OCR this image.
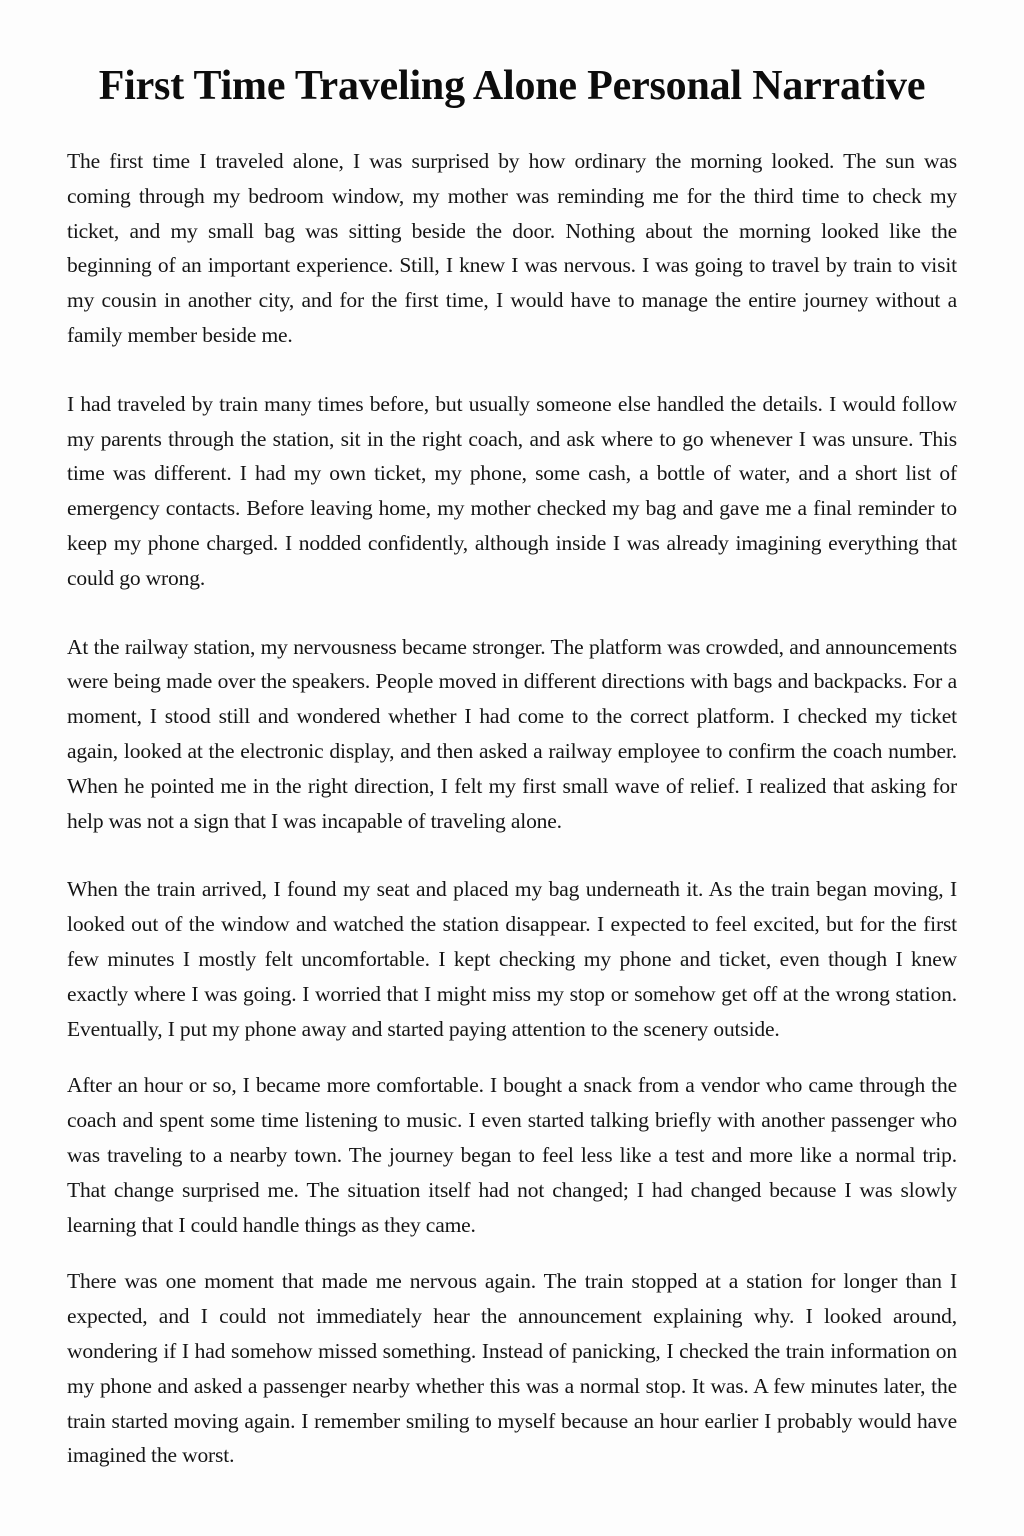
First Time Traveling Alone Personal Narrative

The first time I traveled alone, I was surprised by how ordinary the morning looked. The sun was coming through my bedroom window, my mother was reminding me for the third time to check my ticket, and my small bag was sitting beside the door. Nothing about the morning looked like the beginning of an important experience. Still, I knew I was nervous. I was going to travel by train to visit my cousin in another city, and for the first time, I would have to manage the entire journey without a family member beside me.

I had traveled by train many times before, but usually someone else handled the details. I would follow my parents through the station, sit in the right coach, and ask where to go whenever I was unsure. This time was different. I had my own ticket, my phone, some cash, a bottle of water, and a short list of emergency contacts. Before leaving home, my mother checked my bag and gave me a final reminder to keep my phone charged. I nodded confidently, although inside I was already imagining everything that could go wrong.

At the railway station, my nervousness became stronger. The platform was crowded, and announcements were being made over the speakers. People moved in different directions with bags and backpacks. For a moment, I stood still and wondered whether I had come to the correct platform. I checked my ticket again, looked at the electronic display, and then asked a railway employee to confirm the coach number. When he pointed me in the right direction, I felt my first small wave of relief. I realized that asking for help was not a sign that I was incapable of traveling alone.

When the train arrived, I found my seat and placed my bag underneath it. As the train began moving, I looked out of the window and watched the station disappear. I expected to feel excited, but for the first few minutes I mostly felt uncomfortable. I kept checking my phone and ticket, even though I knew exactly where I was going. I worried that I might miss my stop or somehow get off at the wrong station. Eventually, I put my phone away and started paying attention to the scenery outside.

After an hour or so, I became more comfortable. I bought a snack from a vendor who came through the coach and spent some time listening to music. I even started talking briefly with another passenger who was traveling to a nearby town. The journey began to feel less like a test and more like a normal trip. That change surprised me. The situation itself had not changed; I had changed because I was slowly learning that I could handle things as they came.

There was one moment that made me nervous again. The train stopped at a station for longer than I expected, and I could not immediately hear the announcement explaining why. I looked around, wondering if I had somehow missed something. Instead of panicking, I checked the train information on my phone and asked a passenger nearby whether this was a normal stop. It was. A few minutes later, the train started moving again. I remember smiling to myself because an hour earlier I probably would have imagined the worst.
